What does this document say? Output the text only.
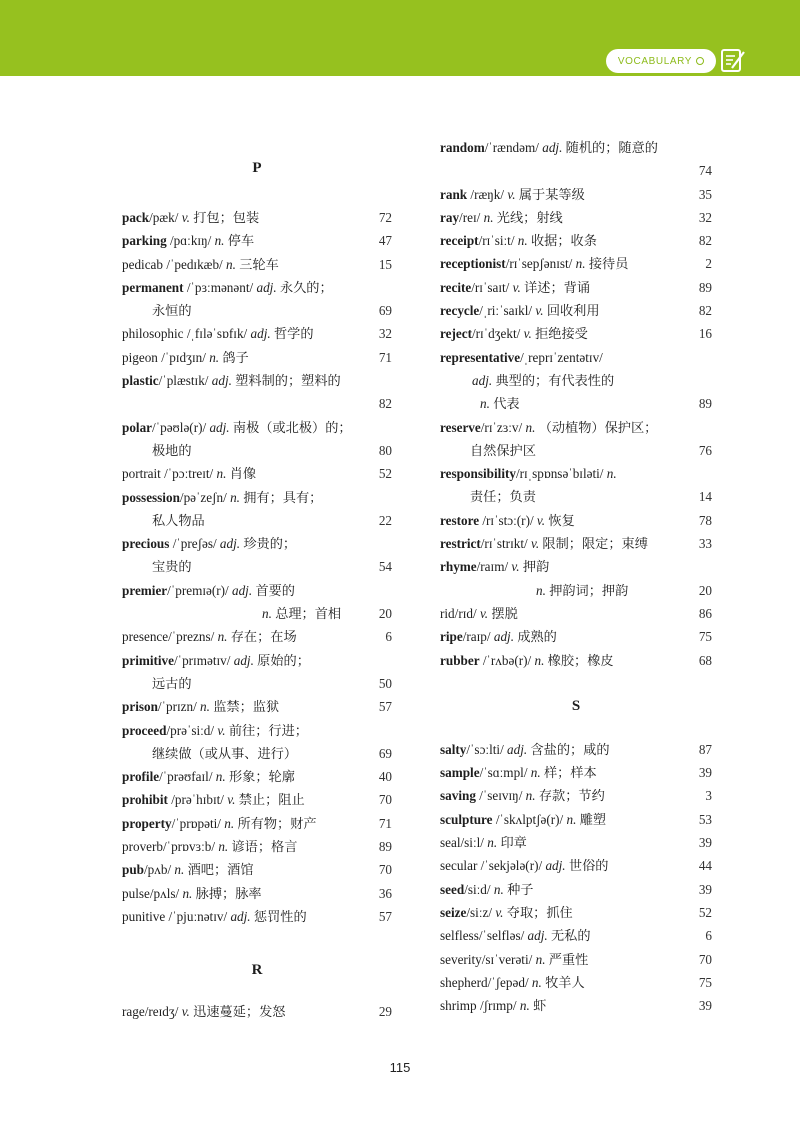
VOCABULARY
P
pack/pæk/ v. 打包；包装	72
parking /pɑːkɪŋ/ n. 停车	47
pedicab /ˈpedɪkæb/ n. 三轮车	15
permanent /ˈpɜːmənənt/ adj. 永久的；
永恒的	69
philosophic /ˌfɪləˈsɒfɪk/ adj. 哲学的	32
pigeon /ˈpɪdʒɪn/ n. 鸽子	71
plastic/ˈplæstɪk/ adj. 塑料制的；塑料的
82
polar/ˈpəʊlə(r)/ adj. 南极（或北极）的；
极地的	80
portrait /ˈpɔːtreɪt/ n. 肖像	52
possession/pəˈzeʃn/ n. 拥有；具有；
私人物品	22
precious /ˈpreʃəs/ adj. 珍贵的；
宝贵的	54
premier/ˈpremɪə(r)/ adj. 首要的
n. 总理；首相	20
presence/ˈprezns/ n. 存在；在场	6
primitive/ˈprɪmətɪv/ adj. 原始的；
远古的	50
prison/ˈprɪzn/ n. 监禁；监狱	57
proceed/prəˈsiːd/ v. 前往；行进；
继续做（或从事、进行）	69
profile/ˈprəʊfaɪl/ n. 形象；轮廓	40
prohibit /prəˈhɪbɪt/ v. 禁止；阻止	70
property/ˈprɒpəti/ n. 所有物；财产	71
proverb/ˈprɒvɜːb/ n. 谚语；格言	89
pub/pʌb/ n. 酒吧；酒馆	70
pulse/pʌls/ n. 脉搏；脉率	36
punitive /ˈpjuːnətɪv/ adj. 惩罚性的	57
R
rage/reɪdʒ/ v. 迅速蔓延；发怒	29
random/ˈrændəm/ adj. 随机的；随意的
74
rank /ræŋk/ v. 属于某等级	35
ray/reɪ/ n. 光线；射线	32
receipt/rɪˈsiːt/ n. 收据；收条	82
receptionist/rɪˈsepʃənɪst/ n. 接待员	2
recite/rɪˈsaɪt/ v. 详述；背诵	89
recycle/ˌriːˈsaɪkl/ v. 回收利用	82
reject/rɪˈdʒekt/ v. 拒绝接受	16
representative/ˌreprɪˈzentətɪv/
adj. 典型的；有代表性的
n. 代表	89
reserve/rɪˈzɜːv/ n. （动植物）保护区；
自然保护区	76
responsibility/rɪˌspɒnsəˈbɪləti/ n.
责任；负责	14
restore /rɪˈstɔː(r)/ v. 恢复	78
restrict/rɪˈstrɪkt/ v. 限制；限定；束缚	33
rhyme/raɪm/ v. 押韵
n. 押韵词；押韵	20
rid/rɪd/ v. 摆脱	86
ripe/raɪp/ adj. 成熟的	75
rubber /ˈrʌbə(r)/ n. 橡胶；橡皮	68
S
salty/ˈsɔːlti/ adj. 含盐的；咸的	87
sample/ˈsɑːmpl/ n. 样；样本	39
saving /ˈseɪvɪŋ/ n. 存款；节约	3
sculpture /ˈskʌlptʃə(r)/ n. 雕塑	53
seal/siːl/ n. 印章	39
secular /ˈsekjələ(r)/ adj. 世俗的	44
seed/siːd/ n. 种子	39
seize/siːz/ v. 夺取；抓住	52
selfless/ˈselfləs/ adj. 无私的	6
severity/sɪˈverəti/ n. 严重性	70
shepherd/ˈʃepəd/ n. 牧羊人	75
shrimp /ʃrɪmp/ n. 虾	39
115
